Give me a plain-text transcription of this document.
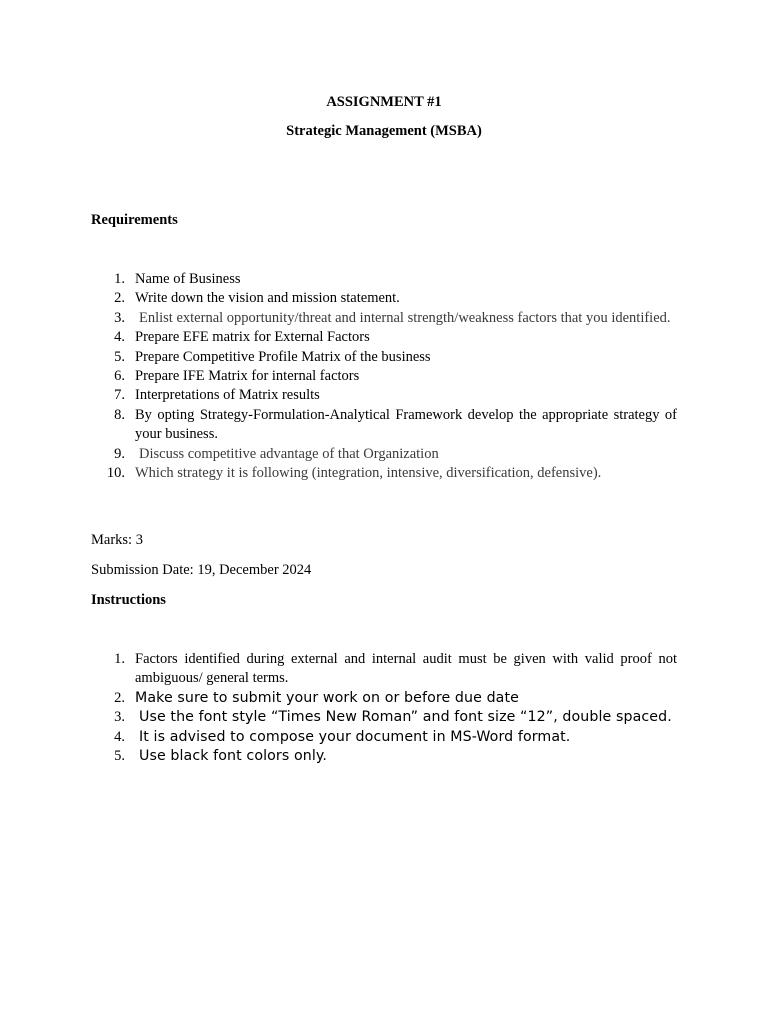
ASSIGNMENT #1
Strategic Management (MSBA)
Requirements
1. Name of Business
2. Write down the vision and mission statement.
3. Enlist external opportunity/threat and internal strength/weakness factors that you identified.
4. Prepare EFE matrix for External Factors
5. Prepare Competitive Profile Matrix of the business
6. Prepare IFE Matrix for internal factors
7. Interpretations of Matrix results
8. By opting Strategy-Formulation-Analytical Framework develop the appropriate strategy of your business.
9. Discuss competitive advantage of that Organization
10. Which strategy it is following (integration, intensive, diversification, defensive).
Marks: 3
Submission Date: 19, December 2024
Instructions
1. Factors identified during external and internal audit must be given with valid proof not ambiguous/ general terms.
2. Make sure to submit your work on or before due date
3. Use the font style “Times New Roman” and font size “12”, double spaced.
4. It is advised to compose your document in MS-Word format.
5. Use black font colors only.
